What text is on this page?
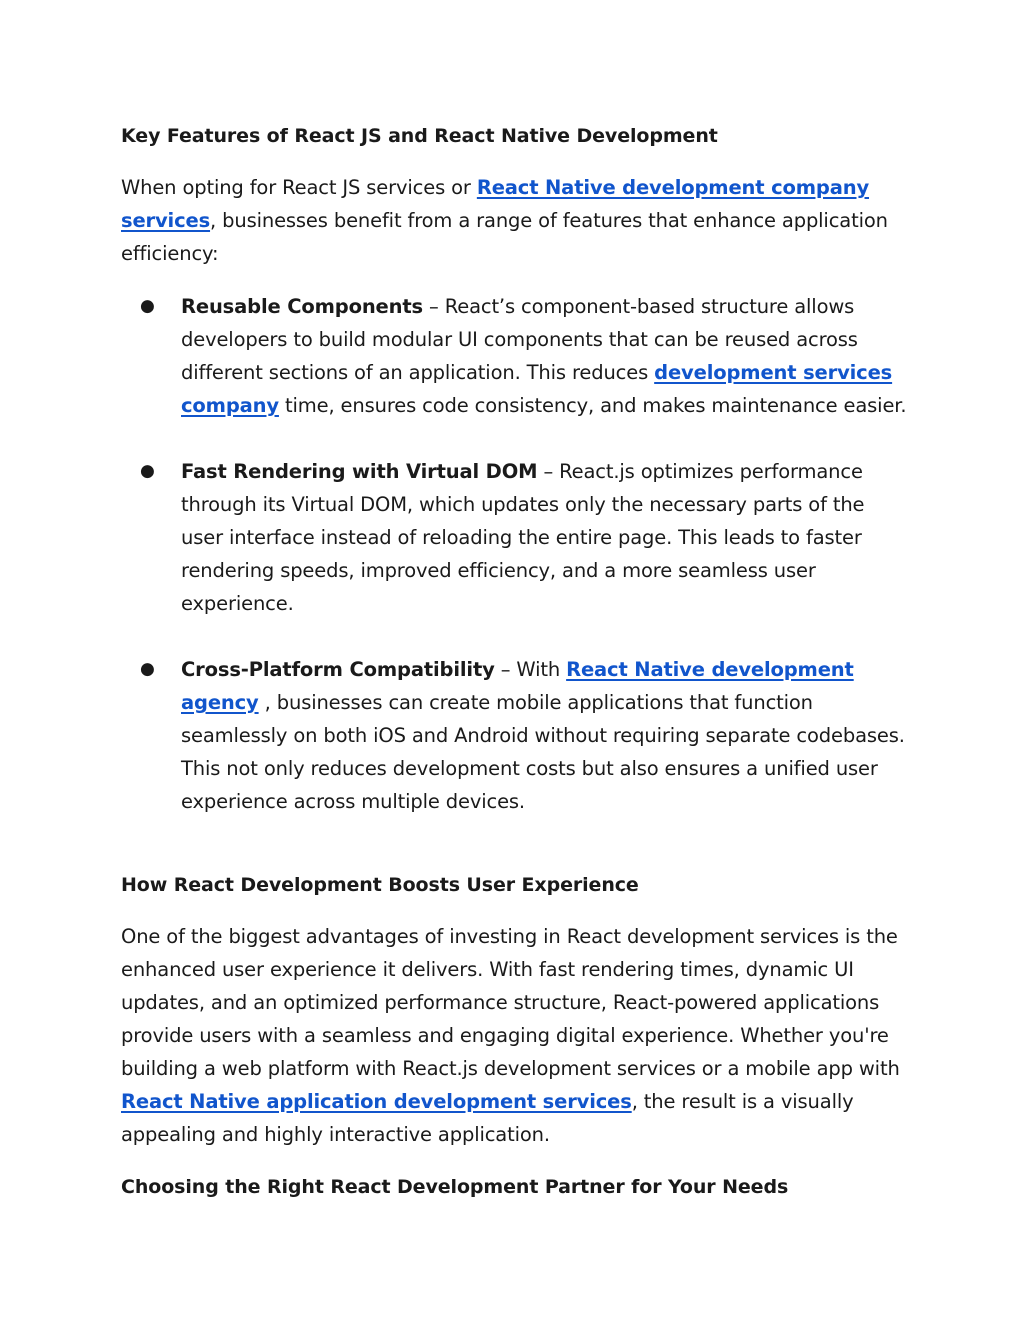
Key Features of React JS and React Native Development

When opting for React JS services or React Native development company services, businesses benefit from a range of features that enhance application efficiency:

● Reusable Components – React’s component-based structure allows developers to build modular UI components that can be reused across different sections of an application. This reduces development services company time, ensures code consistency, and makes maintenance easier.
● Fast Rendering with Virtual DOM – React.js optimizes performance through its Virtual DOM, which updates only the necessary parts of the user interface instead of reloading the entire page. This leads to faster rendering speeds, improved efficiency, and a more seamless user experience.
● Cross-Platform Compatibility – With React Native development agency , businesses can create mobile applications that function seamlessly on both iOS and Android without requiring separate codebases. This not only reduces development costs but also ensures a unified user experience across multiple devices.
How React Development Boosts User Experience

One of the biggest advantages of investing in React development services is the enhanced user experience it delivers. With fast rendering times, dynamic UI updates, and an optimized performance structure, React-powered applications provide users with a seamless and engaging digital experience. Whether you're building a web platform with React.js development services or a mobile app with React Native application development services, the result is a visually appealing and highly interactive application.

Choosing the Right React Development Partner for Your Needs
